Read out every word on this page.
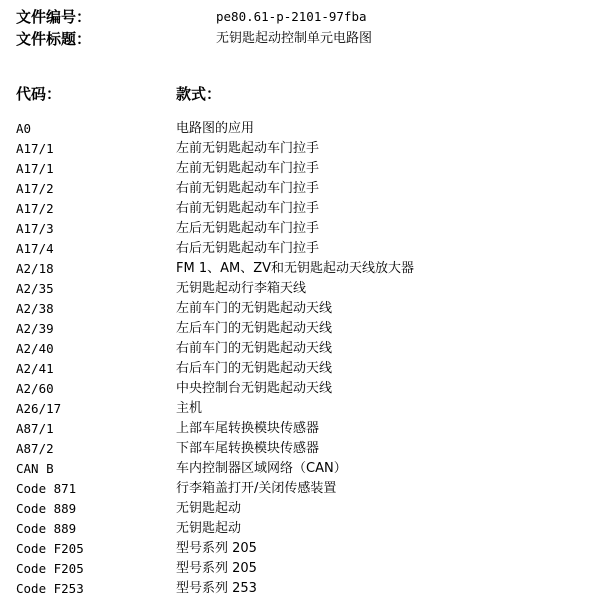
文件编号：	pe80.61-p-2101-97fba
文件标题：	无钥匙起动控制单元电路图
代码：	款式：
A0	电路图的应用
A17/1	左前无钥匙起动车门拉手
A17/1	左前无钥匙起动车门拉手
A17/2	右前无钥匙起动车门拉手
A17/2	右前无钥匙起动车门拉手
A17/3	左后无钥匙起动车门拉手
A17/4	右后无钥匙起动车门拉手
A2/18	FM 1、AM、ZV和无钥匙起动天线放大器
A2/35	无钥匙起动行李箱天线
A2/38	左前车门的无钥匙起动天线
A2/39	左后车门的无钥匙起动天线
A2/40	右前车门的无钥匙起动天线
A2/41	右后车门的无钥匙起动天线
A2/60	中央控制台无钥匙起动天线
A26/17	主机
A87/1	上部车尾转换模块传感器
A87/2	下部车尾转换模块传感器
CAN B	车内控制器区域网络（CAN）
Code 871	行李箱盖打开/关闭传感装置
Code 889	无钥匙起动
Code 889	无钥匙起动
Code F205	型号系列 205
Code F205	型号系列 205
Code F253	型号系列 253
